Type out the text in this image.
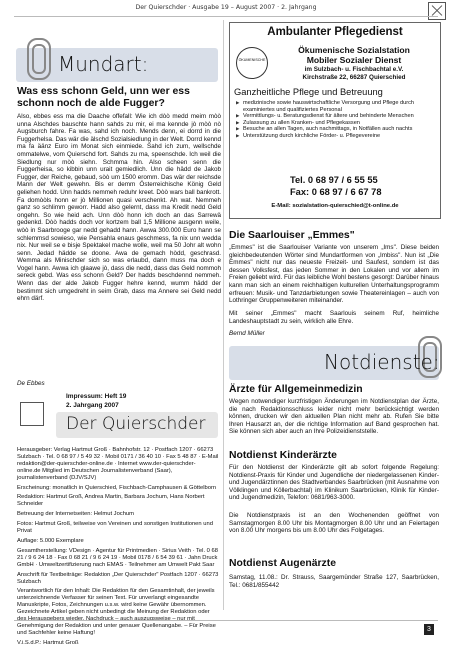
Der Quierschder · Ausgabe 19 – August 2007 · 2. Jahrgang
Mundart:
Was ess schonn Geld, unn wer ess schonn noch de alde Fugger?
Also, ebbes ess ma die Daache offefall: Wie ich dòò medd meim mòò unna Alschdes bauschte hann sahds zu mir, ei ma kennde jò mòò nò Augsburch fahre. Fa was, sahd ich noch. Mends denn, ei dorrd in die Fuggerhelsa. Das wär die älschd Sozialsiedlung in der Welt. Dorrd kennd ma fa äänz Euro im Monat sich einmiede. Sahd ich zum, wellschde ommatelwe, vom Quierschd fort. Sahds zu ma, speenschde. Ich weil die Siedlung nur mòò siehn. Schmma hin. Also scheen senn die Fuggerheisa, so kibbin unn urait gemiedlich. Unn die hädd de Jakob Fugger, der Reiche, gebaud, sòò um 1500 eromm. Das wär der reichsde Mann der Welt gewehn. Bis er demm Österreichische König Geld geliehen hodd. Unn hadds nemmeh reduhr kreet. Dòò wars ball bankrott. Fa domòòls honn er jò Millionen quasi verschenkt. Ah wat. Nemmeh ganz so schlimm geworr. Hadd also gelernt, dass ma Kredit nedd Geld ongehn. So wie heid ach. Unn dòò honn ich doch an das Sarrewä gedenkd. Dòò hadds doch vor kortzem ball 1,5 Millione ausgenn weile, wòò in Saarbrooge gar nedd gehadd hann. Awwa 300.000 Euro hann se schlemmsd sowieso, wie Pensahla enaus geschmess, fa nix unn wedda nix. Nur weil se e bisje Spektakel mache wolle, weil ma 50 Johr alt wohn senn. Jedad hädde se doone. Awa de gemach hòdd, geschrasd. Wemma als Minischder sich so was erlaubd, dann muss ma doch e Vogel hann. Awwa ich glaawe jò, dass die nedd, dass das Geld nommoh sereck gebd. Was ess schonn Geld? Der hadds beschdennd nemmeh. Wenn das der alde Jakob Fugger hehre kennd, wumm hädd der bestimmt sich umgedreht in seim Grab, dass ma Annere sei Geld nedd ehrn därf.
De Ebbes
Impressum: Heft 19
2. Jahrgang 2007
Der Quierschder
Herausgeber: Verlag Hartmut Groß · Bahnhofstr. 12 · Postfach 1207 · 66273 Sulzbach · Tel. 0 68 97 / 5 49 32 · Mobil 0171 / 36 40 10 · Fax 5 48 87 · E-Mail redaktion@der-quierschder-online.de · Internet www.der-quierschder-online.de Mitglied im Deutschen Journalistenverband (Saar), journalistenverband (DJV/SJV)
Erscheinung: monatlich in Quierschied, Fischbach-Camphausen & Göttelborn
Redaktion: Hartmut Groß, Andrea Martin, Barbara Jochum, Hans Norbert Schneider
Betreuung der Internetseiten: Helmut Jochum
Fotos: Hartmut Groß, teilweise von Vereinen und sonstigen Institutionen und Privat
Auflage: 5.000 Exemplare
Gesamtherstellung: VDesign · Agentur für Printmedien · Sirius Veith · Tel. 0 68 21 / 9 6 24 18 · Fax 0 68 21 / 9 6 24 19 · Mobil 0178 / 6 54 39 61 · Jahn Druck GmbH · Umweltzertifizierung nach EMAS · Teilnehmer am Umwelt Pakt Saar
Anschrift für Textbeiträge: Redaktion „Der Quierschder" Postfach 1207 · 66273 Sulzbach
Verantwortlich für den Inhalt: Die Redaktion für den Gesamtinhalt, der jeweils unterzeichnende Verfasser für seinen Text. Für unverlangt eingesandte Manuskripte, Fotos, Zeichnungen u.s.w. wird keine Gewähr übernommen. Gezeichnete Artikel geben nicht unbedingt die Meinung der Redaktion oder Genehmigung der Redaktion und unter genauer Quellenangabe. – Für Preise und Sachfehler keine Haftung!
V.i.S.d.P.: Hartmut Groß
Ambulanter Pflegedienst
ÖKUMENISCHE
Ökumenische Sozialstation
Mobiler Sozialer Dienst
im Sulzbach- u. Fischbachtal e.V.
Kirchstraße 22, 66287 Quierschied
Ganzheitliche Pflege und Betreuung
▶ medizinische sowie hauswirtschaftliche Versorgung und Pflege durch examiniertes und qualifiziertes Personal
▶ Vermittlungs- u. Beratungsdienst für ältere und behinderte Menschen
▶ Zulassung zu allen Kranken- und Pflegekassen
▶ Besuche an allen Tagen, auch nachmittags, in Notfällen auch nachts
▶ Unterstützung durch kirchliche Förder- u. Pflegevereine
Tel. 0 68 97 / 6 55 55
Fax: 0 68 97 / 6 67 78
E-Mail: sozialstation-quierschied@t-online.de
Die Saarlouiser „Emmes"
„Emmes" ist die Saarlouiser Variante von unserem „Ims". Diese beiden gleichbedeutenden Wörter sind Mundartformen von „Imbiss". Nun ist „Die Emmes" nicht nur das neueste Freizeit- und Saufest, sondern ist das dessen Volksfest, das jeden Sommer in den Lokalen und vor allem im Freien geliebt wird. Für das leibliche Wohl bestens gesorgt: Darüber hinaus kann man sich an einem reichhaltigen kulturellen Unterhaltungsprogramm erfreuen: Musik- und Tanzdarbietungen sowie Theatereinlagen – auch von Lothringer Gruppenweiteren miteinander.
Mit seiner „Emmes" macht Saarlouis seinem Ruf, heimliche Landeshauptstadt zu sein, wirklich alle Ehre.
Bernd Müller
Notdienste:
Ärzte für Allgemeinmedizin
Wegen notwendiger kurzfristigen Änderungen im Notdienstplan der Ärzte, die nach Redaktionsschluss leider nicht mehr berücksichtigt werden können, drucken wir den aktuellen Plan nicht mehr ab. Rufen Sie bitte Ihren Hausarzt an, der die richtige Information auf Band gesprochen hat. Sie können sich aber auch an Ihre Polizeidienststelle.
Notdienst Kinderärzte
Für den Notdienst der Kinderärzte gilt ab sofort folgende Regelung: Notdienst-Praxis für Kinder und Jugendliche der niedergelassenen Kinder- und Jugendärztinnen des Stadtverbandes Saarbrücken (mit Ausnahme von Völklingen und Köllerbachtal) im Klinikum Saarbrücken, Klinik für Kinder- und Jugendmedizin, Telefon: 0681/963-3000.
Die Notdienstpraxis ist an den Wochenenden geöffnet von Samstagmorgen 8.00 Uhr bis Montagmorgen 8.00 Uhr und an Feiertagen von 8.00 Uhr morgens bis um 8.00 Uhr des Folgetages.
Notdienst Augenärzte
Samstag, 11.08.: Dr. Strauss, Saargemünder Straße 127, Saarbrücken, Tel.: 0681/855442
3
